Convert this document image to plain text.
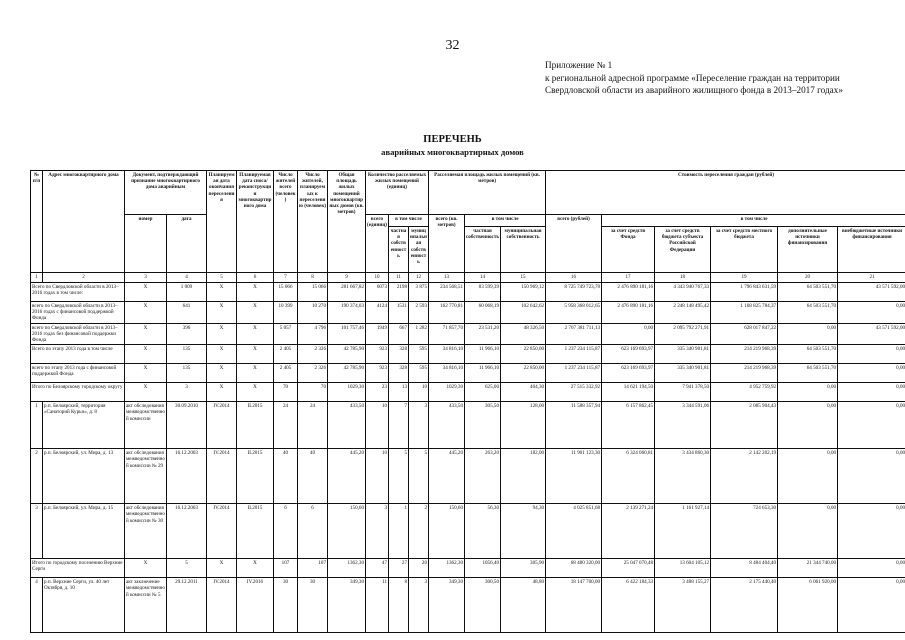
32
Приложение № 1
к региональной адресной программе «Переселение граждан на территории Свердловской области из аварийного жилищного фонда в 2013–2017 годах»
ПЕРЕЧЕНЬ
аварийных многоквартирных домов
№ п/п	Адрес многоквартирного дома	Документ, подтверждающий признание многоквартирного дома аварийным		Планируемая дата окончания переселения	Планируемая дата сноса/ реконструкции многоквартирного дома	Число жителей всего (человек)	Число жителей, планируемых к переселению (человек)	Общая площадь жилых помещений многоквартирных домов (кв. метров)	Количество расселяемых жилых помещений (единиц)			Расселяемая площадь жилых помещений (кв. метров)			Стоимость переселения граждан (рублей)					
		номер	дата						всего (единиц)	в том числе		всего (кв. метров)	в том числе		всего (рублей)	в том числе				
										частная собственность	муниципальная собственность		частная собственность	муниципальная собственность		за счет средств Фонда	за счет средств бюджета субъекта Российской Федерации	за счет средств местного бюджета	дополнительные источники финансирования	внебюджетные источники финансирования
1	2	3	4	5	6	7	8	9	10	11	12	13	14	15	16	17	18	19	20	21
Всего по Свердловской области в 2013–2016 годах в том числе:		Х	1 009	Х	Х	15 066	15 066	281 667,82	6073	2198	3 875	234 568,51	83 599,39	150 969,12	8 725 749 723,78	2 476 890 181,16	4 343 940 767,33	1 796 843 631,59	64 503 551,70	43 571 592,00
всего по Свердловской области в 2013–2016 годах с финансовой поддержкой Фонда		Х	641	Х	Х	10 399	10 270	190 374,03	4124	1531	2 593	162 770,81	60 068,19	102 642,62	5 958 368 012,65	2 476 890 181,16	2 248 148 495,42	1 168 825 784,37	64 503 551,70	0,00
всего по Свердловской области в 2013–2016 годах без финансовой поддержки Фонда		Х	396	Х	Х	5 057	4 796	101 757,46	1949	667	1 282	71 857,70	23 531,20	48 326,50	2 767 381 711,13	0,00	2 095 792 271,91	628 017 847,22	0,00	43 571 592,00
Всего по этапу 2013 года в том числе		Х	135	Х	Х	2 405	2 326	42 785,90	923	328	595	34 816,10	11 966,10	22 850,00	1 237 234 115,87	623 169 693,97	335 340 901,81	214 219 968,39	64 503 551,70	0,00
всего по этапу 2013 года с финансовой поддержкой Фонда		Х	135	Х	Х	2 405	2 326	42 785,90	923	328	595	34 816,10	11 966,10	22 850,00	1 237 234 115,87	623 169 693,97	335 340 901,81	214 219 968,39	64 503 551,70	0,00
Итого по Белоярскому городскому округу		Х	3	Х	Х	70	70	1029,30	23	13	10	1029,30	625,00	404,30	27 515 332,92	14 621 194,50	7 941 378,50	4 952 759,92	0,00	0,00
1	р.п. Белоярский, территория «Санаторий Курьи», д. 8	акт обследования межведомственной комиссии	30.09.2010	IV.2014	II.2015	24	24	433,50	10	7	3	433,50	305,50	128,00	11 588 357,94	6 157 862,45	3 344 591,06	2 085 904,43	0,00	0,00
2	р.п. Белоярский, ул. Мира, д. 13	акт обследования межведомственной комиссии № 29	16.12.2003	IV.2014	II.2015	40	40	445,20	10	5	5	445,20	263,20	182,00	11 901 123,30	6 324 060,81	3 434 860,30	2 142 202,19	0,00	0,00
3	р.п. Белоярский, ул. Мира, д. 15	акт обследования межведомственной комиссии № 30	16.12.2003	IV.2014	II.2015	6	6	150,60	3	1	2	150,60	56,30	94,30	4 025 851,68	2 139 271,24	1 161 927,14	724 653,30	0,00	0,00
Итого по городскому поселению Верхние Серги		Х	5	Х	Х	107	107	1362,30	47	27	20	1362,30	1056,40	305,90	68 480 320,00	25 047 070,48	13 604 105,12	8 484 404,40	21 344 740,00	0,00
4	р.п. Верхние Серги, ул. 40 лет Октября, д. 10	акт заключение межведомственной комиссии № 5	29.12.2011	IV.2014	IV.2016	30	30	349,30	11	8	3	349,30	300,50	48,80	18 147 700,00	6 422 184,33	3 488 155,27	2 175 440,40	6 061 920,00	0,00
